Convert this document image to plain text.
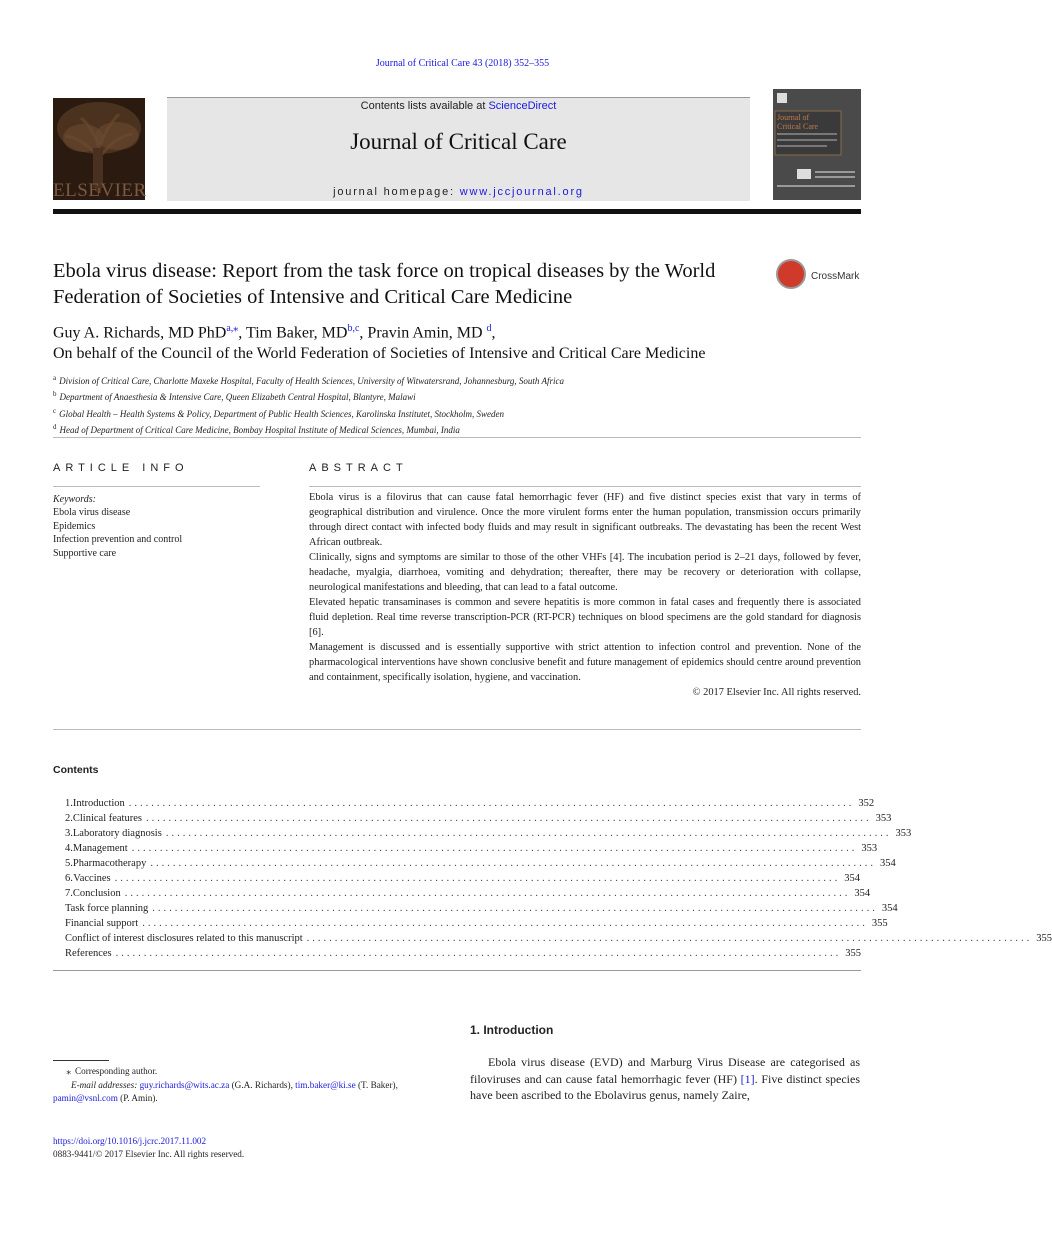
Journal of Critical Care 43 (2018) 352–355
ELSEVIER
Contents lists available at ScienceDirect
Journal of Critical Care
journal homepage: www.jccjournal.org
Journal of
Critical Care
Ebola virus disease: Report from the task force on tropical diseases by the World Federation of Societies of Intensive and Critical Care Medicine
CrossMark
Guy A. Richards, MD PhD$^{a,⁎}$, Tim Baker, MD$^{b,c}$, Pravin Amin, MD $^d$,
On behalf of the Council of the World Federation of Societies of Intensive and Critical Care Medicine
$^a$ Division of Critical Care, Charlotte Maxeke Hospital, Faculty of Health Sciences, University of Witwatersrand, Johannesburg, South Africa
$^b$ Department of Anaesthesia & Intensive Care, Queen Elizabeth Central Hospital, Blantyre, Malawi
$^c$ Global Health – Health Systems & Policy, Department of Public Health Sciences, Karolinska Institutet, Stockholm, Sweden
$^d$ Head of Department of Critical Care Medicine, Bombay Hospital Institute of Medical Sciences, Mumbai, India
ARTICLE INFO
Keywords:
Ebola virus disease
Epidemics
Infection prevention and control
Supportive care
ABSTRACT

Ebola virus is a filovirus that can cause fatal hemorrhagic fever (HF) and five distinct species exist that vary in terms of geographical distribution and virulence. Once the more virulent forms enter the human population, transmission occurs primarily through direct contact with infected body fluids and may result in significant outbreaks. The devastating has been the recent West African outbreak.

Clinically, signs and symptoms are similar to those of the other VHFs [4]. The incubation period is 2–21 days, followed by fever, headache, myalgia, diarrhoea, vomiting and dehydration; thereafter, there may be recovery or deterioration with collapse, neurological manifestations and bleeding, that can lead to a fatal outcome.

Elevated hepatic transaminases is common and severe hepatitis is more common in fatal cases and frequently there is associated fluid depletion. Real time reverse transcription-PCR (RT-PCR) techniques on blood specimens are the gold standard for diagnosis [6].

Management is discussed and is essentially supportive with strict attention to infection control and prevention. None of the pharmacological interventions have shown conclusive benefit and future management of epidemics should centre around prevention and containment, specifically isolation, hygiene, and vaccination.

© 2017 Elsevier Inc. All rights reserved.

Contents
1. Introduction ................................................................................................................................. 352
2. Clinical features ................................................................................................................................. 353
3. Laboratory diagnosis ................................................................................................................................. 353
4. Management ................................................................................................................................. 353
5. Pharmacotherapy ................................................................................................................................. 354
6. Vaccines ................................................................................................................................. 354
7. Conclusion ................................................................................................................................. 354
Task force planning ................................................................................................................................. 354
Financial support ................................................................................................................................. 355
Conflict of interest disclosures related to this manuscript ................................................................................................................................. 355
References ................................................................................................................................. 355
1. Introduction
Ebola virus disease (EVD) and Marburg Virus Disease are categorised as filoviruses and can cause fatal hemorrhagic fever (HF) [1]. Five distinct species have been ascribed to the Ebolavirus genus, namely Zaire,
⁎ Corresponding author.
E-mail addresses: guy.richards@wits.ac.za (G.A. Richards), tim.baker@ki.se (T. Baker),
pamin@vsnl.com (P. Amin).
https://doi.org/10.1016/j.jcrc.2017.11.002
0883-9441/© 2017 Elsevier Inc. All rights reserved.
